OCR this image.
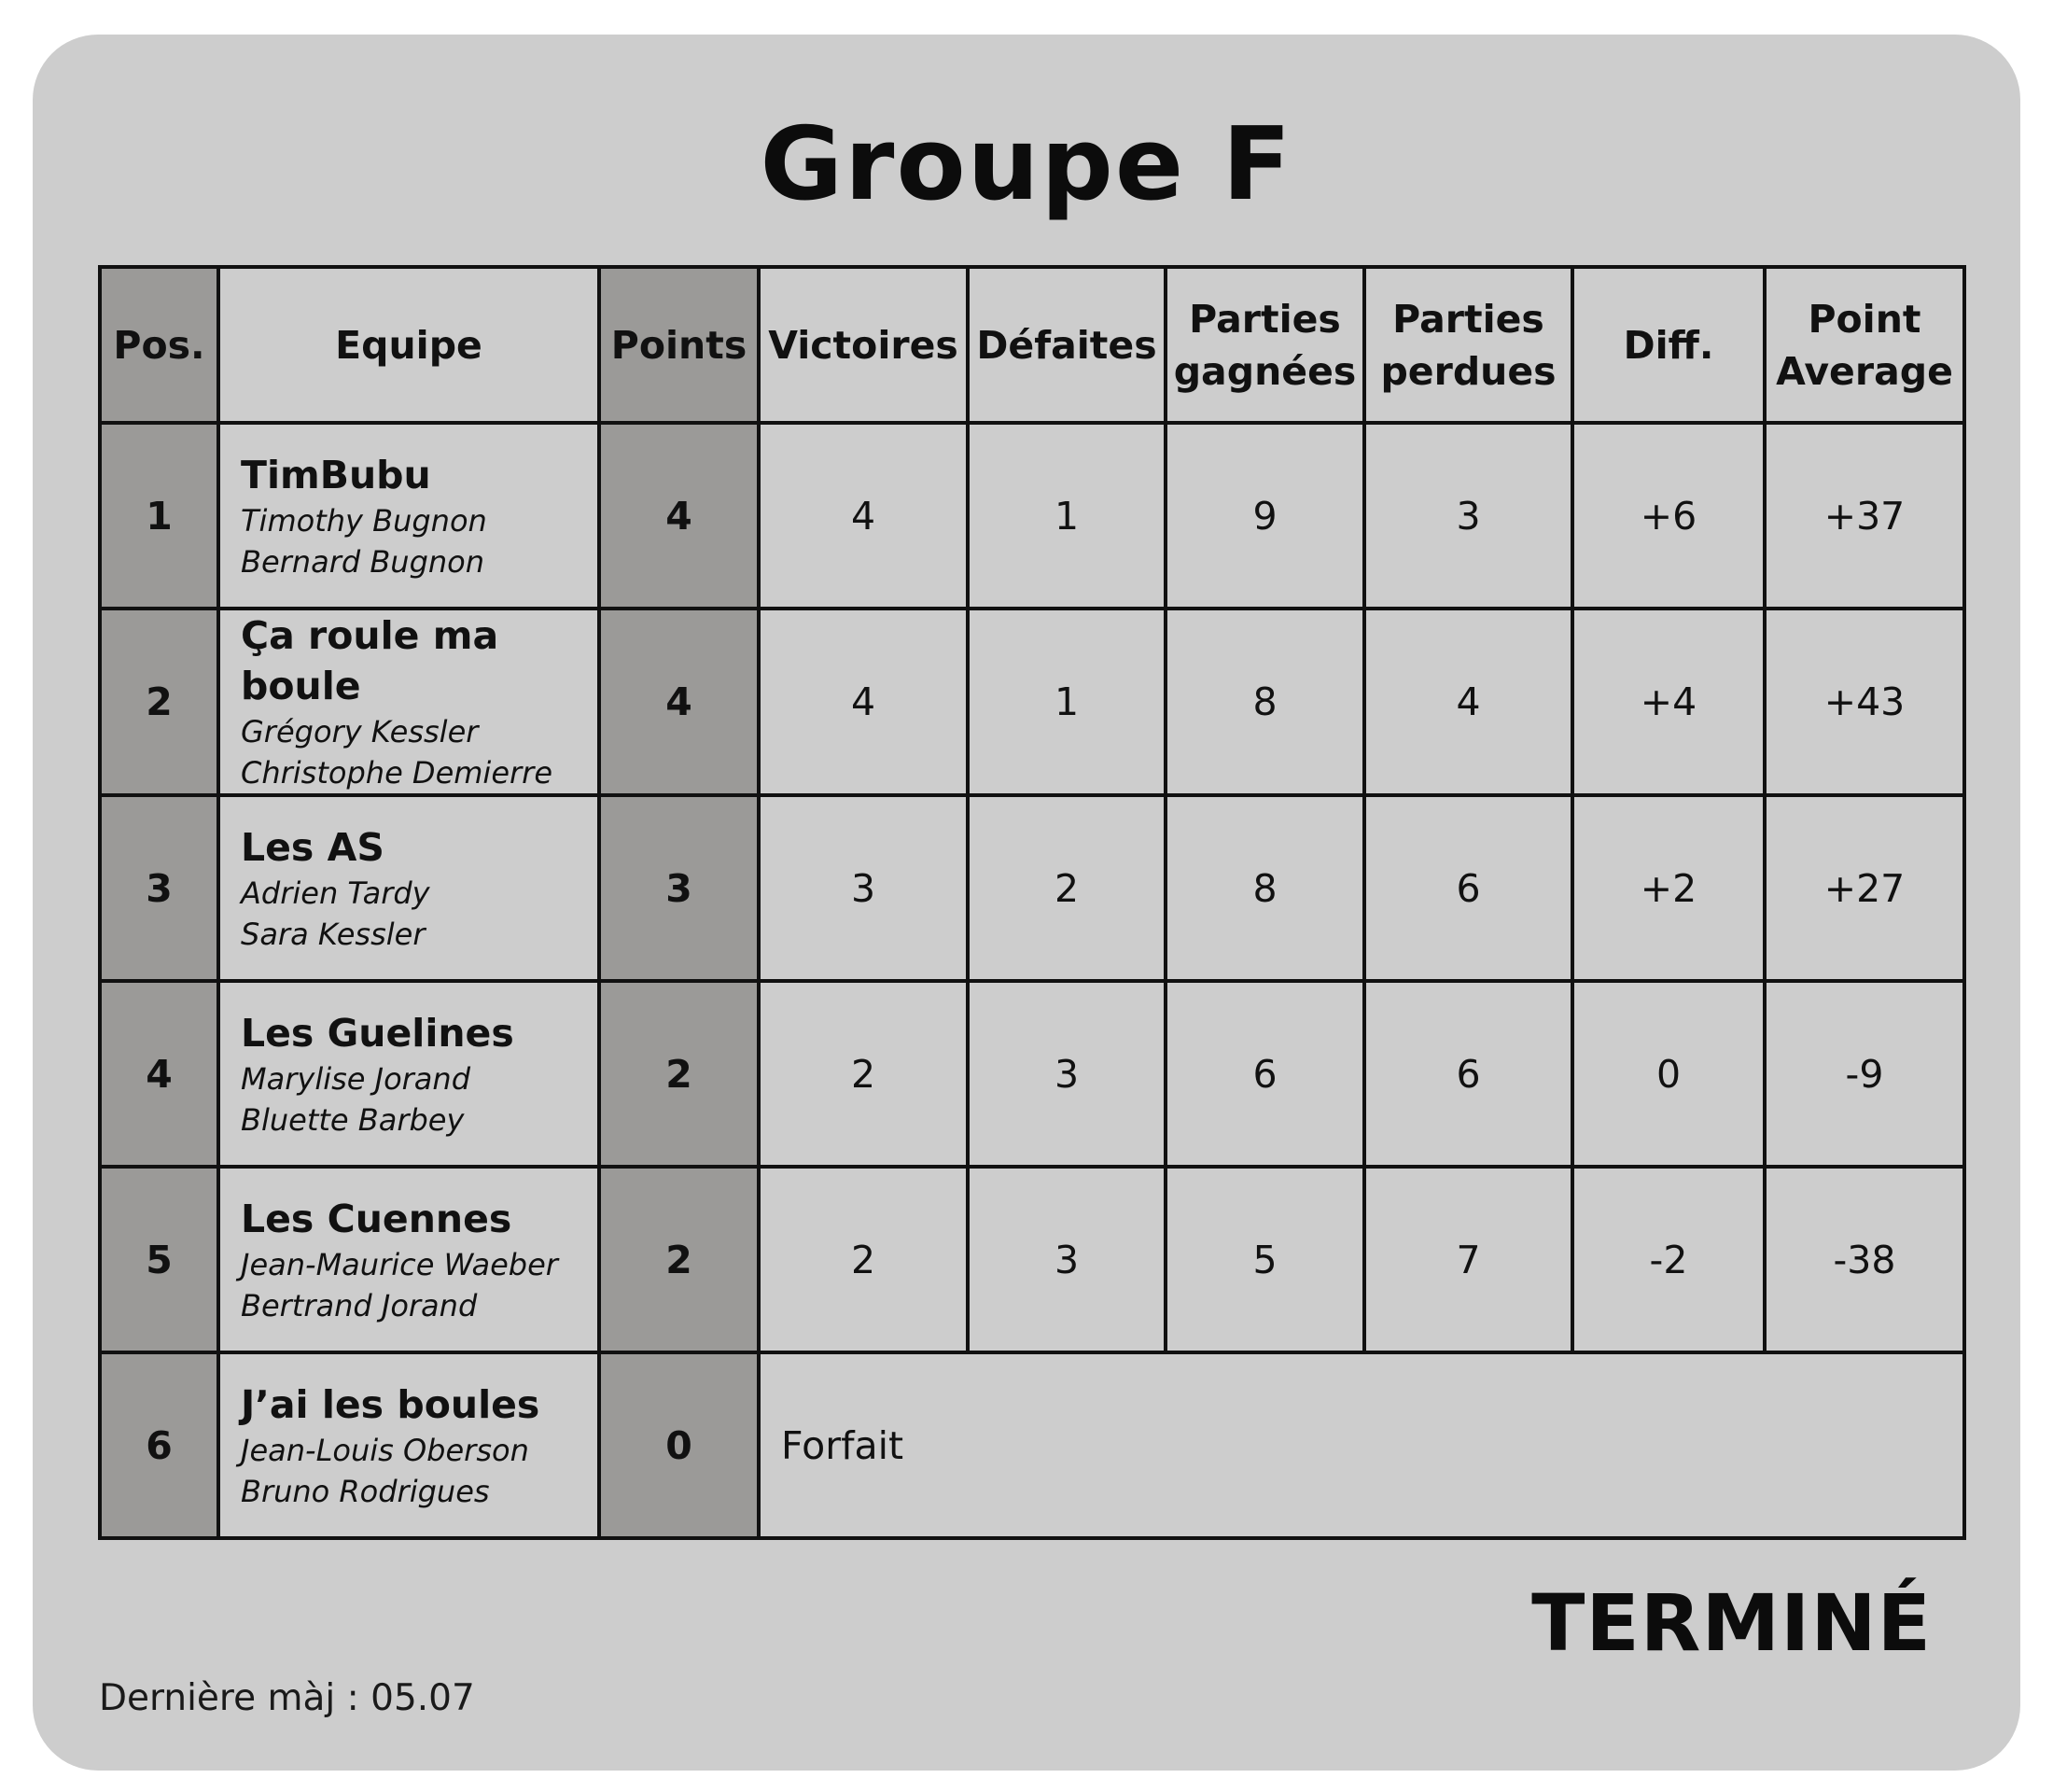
Groupe F
Pos.	Equipe	Points	Victoires	Défaites	Parties gagnées	Parties perdues	Diff.	Point Average
1	TimBubu
Timothy Bugnon
Bernard Bugnon	4	4	1	9	3	+6	+37
2	Ça roule ma boule
Grégory Kessler
Christophe Demierre	4	4	1	8	4	+4	+43
3	Les AS
Adrien Tardy
Sara Kessler	3	3	2	8	6	+2	+27
4	Les Guelines
Marylise Jorand
Bluette Barbey	2	2	3	6	6	0	-9
5	Les Cuennes
Jean-Maurice Waeber
Bertrand Jorand	2	2	3	5	7	-2	-38
6	J’ai les boules
Jean-Louis Oberson
Bruno Rodrigues	0	Forfait					
TERMINÉ
Dernière màj : 05.07
